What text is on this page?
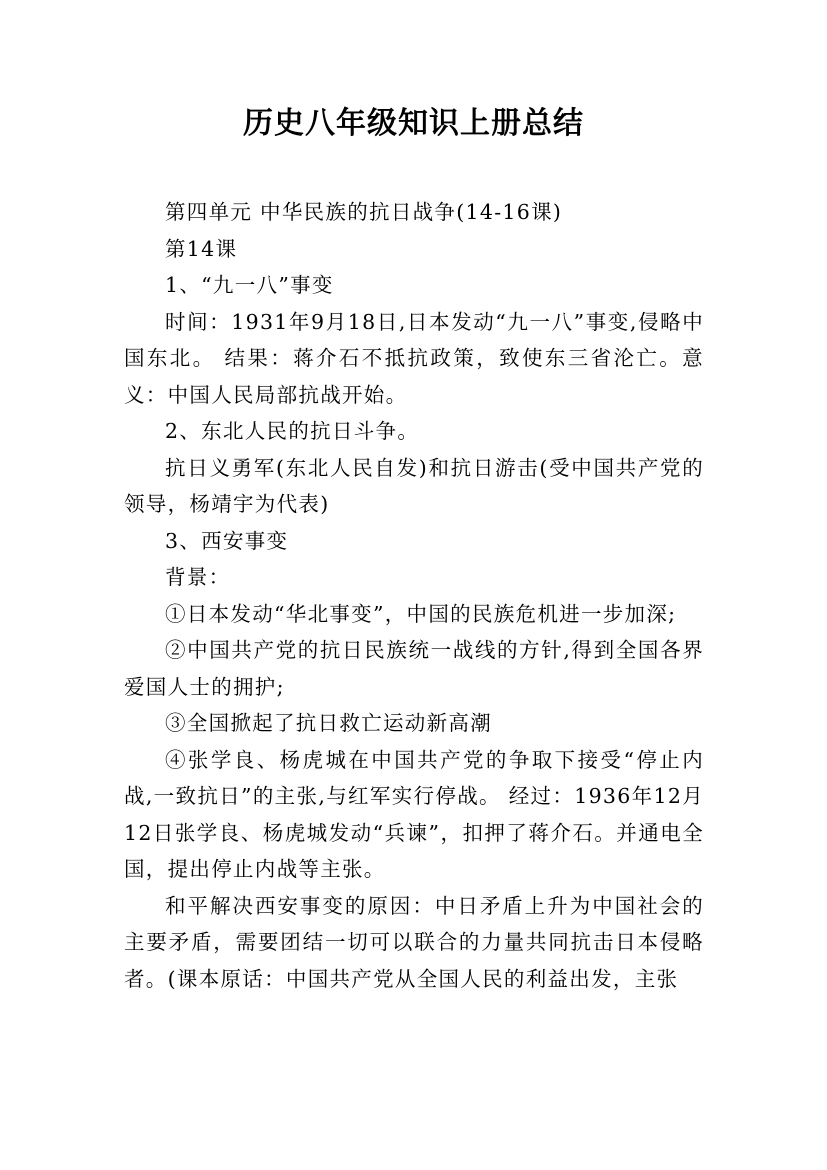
历史八年级知识上册总结

第四单元 中华民族的抗日战争(14-16课)

第14课

1、“九一八”事变

时间：1931年9月18日,日本发动“九一八”事变,侵略中国东北。 结果：蒋介石不抵抗政策，致使东三省沦亡。意义：中国人民局部抗战开始。

2、东北人民的抗日斗争。

抗日义勇军(东北人民自发)和抗日游击(受中国共产党的领导，杨靖宇为代表)

3、西安事变

背景：

①日本发动“华北事变”，中国的民族危机进一步加深;

②中国共产党的抗日民族统一战线的方针,得到全国各界爱国人士的拥护;

③全国掀起了抗日救亡运动新高潮

④张学良、杨虎城在中国共产党的争取下接受“停止内战,一致抗日”的主张,与红军实行停战。 经过：1936年12月12日张学良、杨虎城发动“兵谏”，扣押了蒋介石。并通电全国，提出停止内战等主张。

和平解决西安事变的原因：中日矛盾上升为中国社会的主要矛盾，需要团结一切可以联合的力量共同抗击日本侵略者。(课本原话：中国共产党从全国人民的利益出发，主张
